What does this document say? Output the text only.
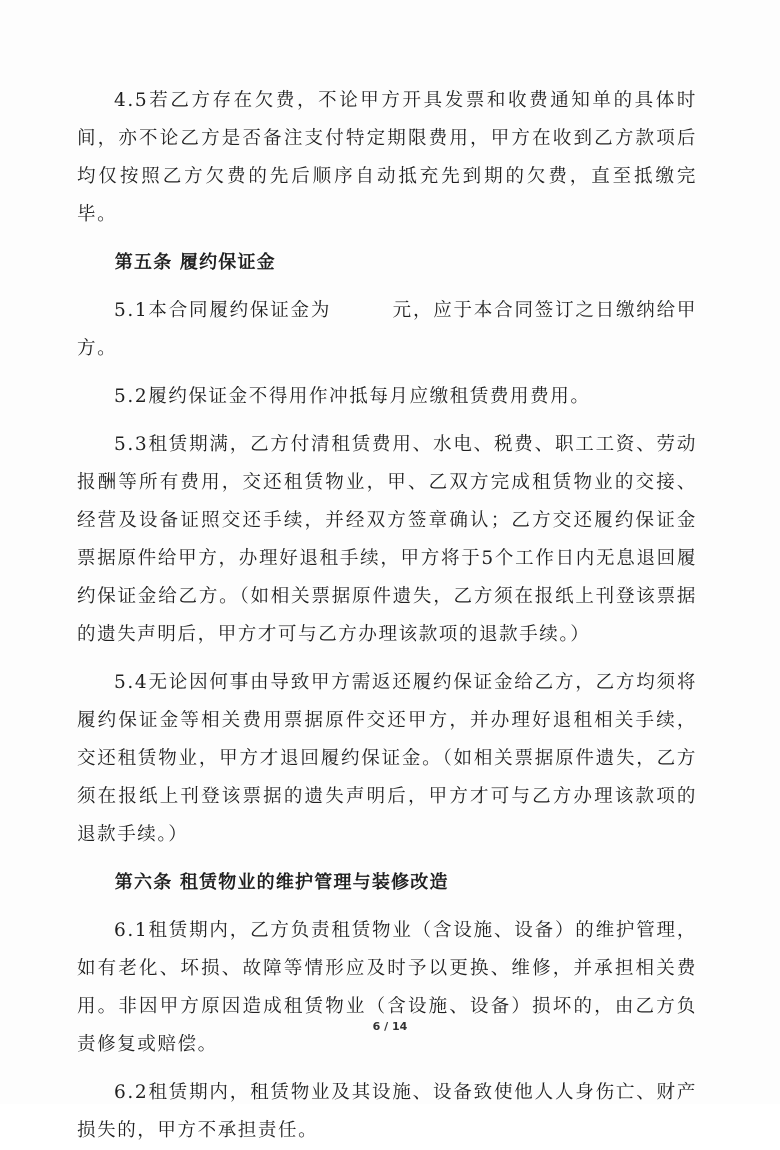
4.5若乙方存在欠费，不论甲方开具发票和收费通知单的具体时间，亦不论乙方是否备注支付特定期限费用，甲方在收到乙方款项后均仅按照乙方欠费的先后顺序自动抵充先到期的欠费，直至抵缴完毕。

第五条 履约保证金

5.1本合同履约保证金为        元，应于本合同签订之日缴纳给甲方。

5.2履约保证金不得用作冲抵每月应缴租赁费用费用。

5.3租赁期满，乙方付清租赁费用、水电、税费、职工工资、劳动报酬等所有费用，交还租赁物业，甲、乙双方完成租赁物业的交接、经营及设备证照交还手续，并经双方签章确认；乙方交还履约保证金票据原件给甲方，办理好退租手续，甲方将于5个工作日内无息退回履约保证金给乙方。（如相关票据原件遗失，乙方须在报纸上刊登该票据的遗失声明后，甲方才可与乙方办理该款项的退款手续。）

5.4无论因何事由导致甲方需返还履约保证金给乙方，乙方均须将履约保证金等相关费用票据原件交还甲方，并办理好退租相关手续，交还租赁物业，甲方才退回履约保证金。（如相关票据原件遗失，乙方须在报纸上刊登该票据的遗失声明后，甲方才可与乙方办理该款项的退款手续。）

第六条 租赁物业的维护管理与装修改造

6.1租赁期内，乙方负责租赁物业（含设施、设备）的维护管理，如有老化、坏损、故障等情形应及时予以更换、维修，并承担相关费用。非因甲方原因造成租赁物业（含设施、设备）损坏的，由乙方负责修复或赔偿。

6.2租赁期内，租赁物业及其设施、设备致使他人人身伤亡、财产损失的，甲方不承担责任。

6 / 14
